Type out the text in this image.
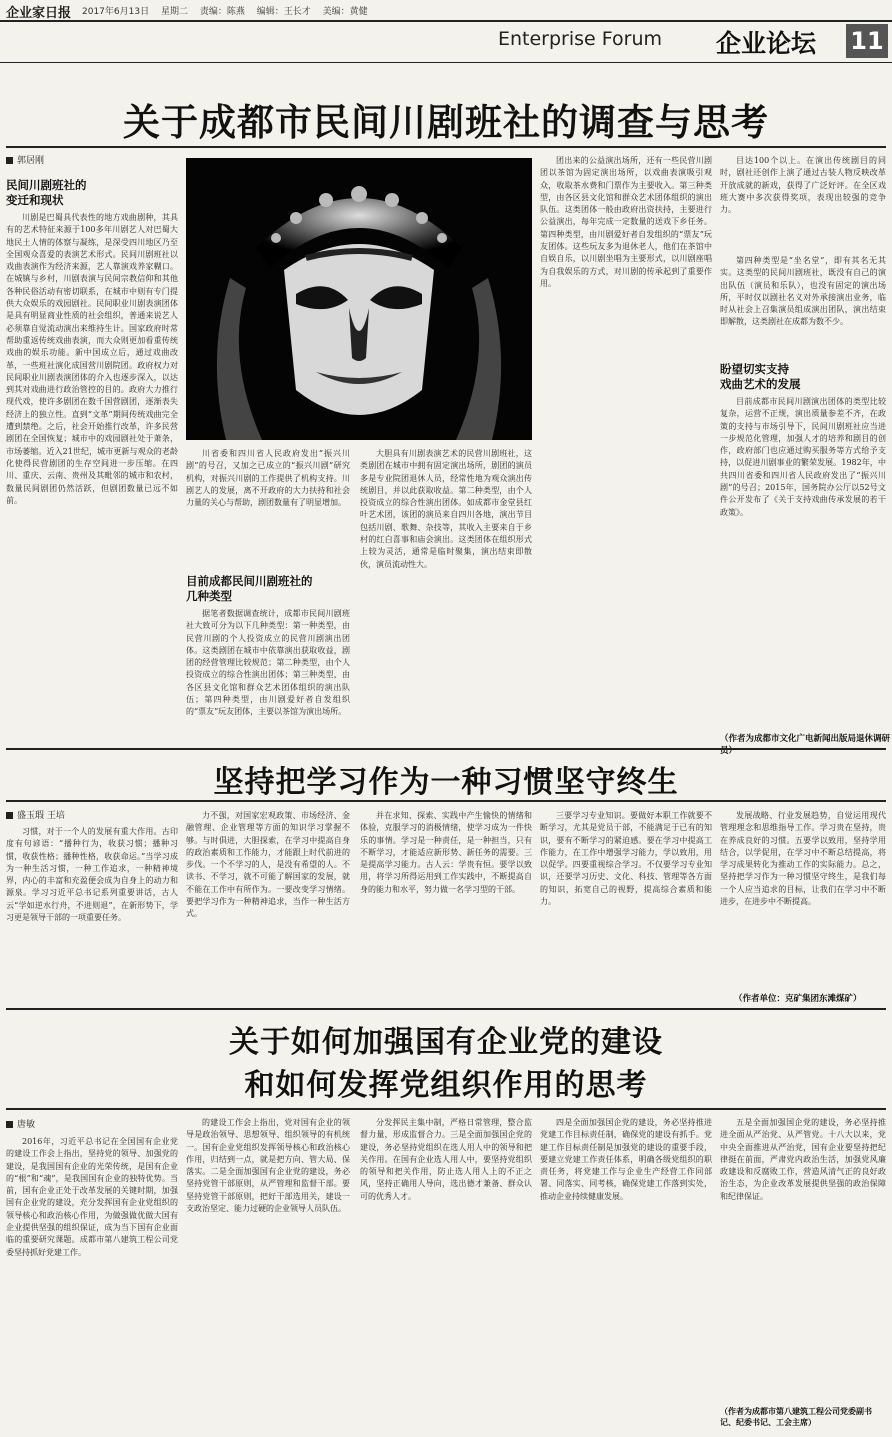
企业家日报 2017年6月13日 星期二 责编：陈燕 编辑：王长才 美编：黄健
Enterprise Forum 企业论坛 11
关于成都市民间川剧班社的调查与思考
郭居刚
民间川剧班社的
变迁和现状

川剧是巴蜀具代表性的地方戏曲剧种，其具有的艺术特征来源于100多年川剧艺人对巴蜀大地民土人情的体察与凝练，是深受四川地区乃至全国观众喜爱的表演艺术形式。民间川剧班社以戏曲表演作为经济来源，艺人靠演戏养家糊口。在城镇与乡村，川剧表演与民间宗教信仰和其他各种民俗活动有密切联系，在城市中则有专门提供大众娱乐的戏园剧社。民间职业川剧表演团体是具有明显商业性质的社会组织，普通来说艺人必须靠自觉流动演出来维持生计。国家政府时常帮助重返传统戏曲表演，而大众则更加看重传统戏曲的娱乐功能。新中国成立后，通过戏曲改革，一些班社演化成国营川剧院团。政府权力对民间职业川剧表演团体的介入也逐步深入，以达到其对戏曲进行政治管控的目的。政府大力推行现代戏，使许多剧团在数千国营剧团，逐渐表失经济上的独立性。直到“文革”期间传统戏曲完全遭到禁绝。之后，社会开始推行改革，许多民营剧团在全国恢复；城市中的戏园剧社处于萧条，市场萎缩。近入21世纪，城市更新与观众的老龄化使得民营剧团的生存空间进一步压缩。在四川、重庆、云南、贵州及其毗邻的城市和农村，数量民间剧团仍然活跃，但剧团数量已远不如前。

川省委和四川省人民政府发出“振兴川剧”的号召，又加之已成立的“振兴川剧”研究机构，对振兴川剧的工作提供了机构支持。川剧艺人的发展，离不开政府的大力扶持和社会力量的关心与帮助，剧团数量有了明显增加。

目前成都民间川剧班社的
几种类型

据笔者数据调查统计，成都市民间川剧班社大致可分为以下几种类型：第一种类型，由民营川剧的个人投资成立的民营川剧演出团体。这类剧团在城市中依靠演出获取收益，剧团的经营管理比较规范；第二种类型，由个人投资成立的综合性演出团体；第三种类型，由各区县文化馆和群众艺术团体组织的演出队伍；第四种类型，由川剧爱好者自发组织的“票友”玩友团体，主要以茶馆为演出场所。

大胆具有川剧表演艺术的民营川剧班社，这类剧团在城市中拥有固定演出场所，剧团的演员多是专业院团退休人员，经常性地为观众演出传统剧目，并以此获取收益。第二种类型，由个人投资成立的综合性演出团体。如成都市金堂县红叶艺术团，该团的演员来自四川各地，演出节目包括川剧、歌舞、杂技等，其收入主要来自于乡村的红白喜事和庙会演出。这类团体在组织形式上较为灵活，通常是临时聚集，演出结束即散伙，演员流动性大。

团出来的公益演出场所，还有一些民营川剧团以茶馆为固定演出场所，以戏曲表演吸引观众，收取茶水费和门票作为主要收入。第三种类型，由各区县文化馆和群众艺术团体组织的演出队伍。这类团体一般由政府出资扶持，主要进行公益演出，每年完成一定数量的送戏下乡任务。第四种类型，由川剧爱好者自发组织的“票友”玩友团体。这些玩友多为退休老人，他们在茶馆中自娱自乐，以川剧坐唱为主要形式，以川剧座唱为自我娱乐的方式，对川剧的传承起到了重要作用。

目达100个以上。在演出传统剧目的同时，剧社还创作上演了通过古装人物反映改革开放成就的新戏，获得了广泛好评。在全区戏班大赛中多次获得奖项，表现出较强的竞争力。

第四种类型是“坐名堂”，即有其名无其实。这类型的民间川剧班社，既没有自己的演出队伍（演员和乐队），也没有固定的演出场所，平时仅以剧社名义对外承接演出业务，临时从社会上召集演员组成演出团队，演出结束即解散，这类剧社在成都为数不少。

盼望切实支持
戏曲艺术的发展

目前成都市民间川剧演出团体的类型比较复杂，运营不正规，演出质量参差不齐，在政策的支持与市场引导下，民间川剧班社应当进一步规范化管理，加强人才的培养和剧目的创作，政府部门也应通过购买服务等方式给予支持，以促进川剧事业的繁荣发展。1982年，中共四川省委和四川省人民政府发出了“振兴川剧”的号召；2015年，国务院办公厅以52号文件公开发布了《关于支持戏曲传承发展的若干政策》。

（作者为成都市文化广电新闻出版局退休调研员）
坚持把学习作为一种习惯坚守终生
盛玉瑕 王培

习惯，对于一个人的发展有重大作用。古印度有句谚语：“播种行为，收获习惯；播种习惯，收获性格；播种性格，收获命运。”当学习成为一种生活习惯，一种工作追求，一种精神境界，内心的丰富和充盈便会成为自身上的动力和源泉。学习习近平总书记系列重要讲话，古人云“学如逆水行舟，不进则退”，在新形势下，学习更是领导干部的一项重要任务。

力不强，对国家宏观政策、市场经济、金融管理、企业管理等方面的知识学习掌握不够。与时俱进，大胆探索，在学习中提高自身的政治素质和工作能力，才能跟上时代前进的步伐。一个不学习的人，是没有希望的人。不读书、不学习，就不可能了解国家的发展，就不能在工作中有所作为。一要改变学习情绪。要把学习作为一种精神追求，当作一种生活方式。

并在求知、探索、实践中产生愉快的情绪和体验，克服学习的消极情绪，使学习成为一件快乐的事情。学习是一种责任，是一种担当，只有不断学习，才能适应新形势、新任务的需要。三是提高学习能力。古人云：学贵有恒。要学以致用，将学习所得运用到工作实践中，不断提高自身的能力和水平，努力做一名学习型的干部。

三要学习专业知识。要做好本职工作就要不断学习，尤其是党员干部，不能满足于已有的知识，要有不断学习的紧迫感。要在学习中提高工作能力，在工作中增强学习能力，学以致用，用以促学。四要重视综合学习。不仅要学习专业知识，还要学习历史、文化、科技、管理等各方面的知识，拓宽自己的视野，提高综合素质和能力。

发展战略、行业发展趋势，自觉运用现代管理理念和思维指导工作。学习贵在坚持，贵在养成良好的习惯。五要学以致用，坚持学用结合，以学促用，在学习中不断总结提高，将学习成果转化为推动工作的实际能力。总之，坚持把学习作为一种习惯坚守终生，是我们每一个人应当追求的目标，让我们在学习中不断进步，在进步中不断提高。

（作者单位：克矿集团东滩煤矿）
关于如何加强国有企业党的建设
和如何发挥党组织作用的思考
唐敏

2016年，习近平总书记在全国国有企业党的建设工作会上指出，坚持党的领导、加强党的建设，是我国国有企业的光荣传统，是国有企业的“根”和“魂”，是我国国有企业的独特优势。当前，国有企业正处于改革发展的关键时期，加强国有企业党的建设，充分发挥国有企业党组织的领导核心和政治核心作用，为做强做优做大国有企业提供坚强的组织保证，成为当下国有企业面临的重要研究课题。成都市第八建筑工程公司党委坚持抓好党建工作。

的建设工作会上指出，党对国有企业的领导是政治领导、思想领导、组织领导的有机统一。国有企业党组织发挥领导核心和政治核心作用，归结到一点，就是把方向、管大局、保落实。二是全面加强国有企业党的建设，务必坚持党管干部原则，从严管理和监督干部。要坚持党管干部原则，把好干部选用关，建设一支政治坚定、能力过硬的企业领导人员队伍。

分发挥民主集中制，严格日常管理，整合监督力量，形成监督合力。三是全面加强国企党的建设，务必坚持党组织在选人用人中的领导和把关作用。在国有企业选人用人中，要坚持党组织的领导和把关作用，防止选人用人上的不正之风，坚持正确用人导向，选出德才兼备、群众认可的优秀人才。

四是全面加强国企党的建设，务必坚持推进党建工作目标责任制，确保党的建设有抓手。党建工作目标责任制是加强党的建设的重要手段，要建立党建工作责任体系，明确各级党组织的职责任务，将党建工作与企业生产经营工作同部署、同落实、同考核，确保党建工作落到实处，推动企业持续健康发展。

五是全面加强国企党的建设，务必坚持推进全面从严治党、从严管党。十八大以来，党中央全面推进从严治党，国有企业要坚持把纪律挺在前面，严肃党内政治生活，加强党风廉政建设和反腐败工作，营造风清气正的良好政治生态，为企业改革发展提供坚强的政治保障和纪律保证。

（作者为成都市第八建筑工程公司党委副书记、纪委书记、工会主席）
